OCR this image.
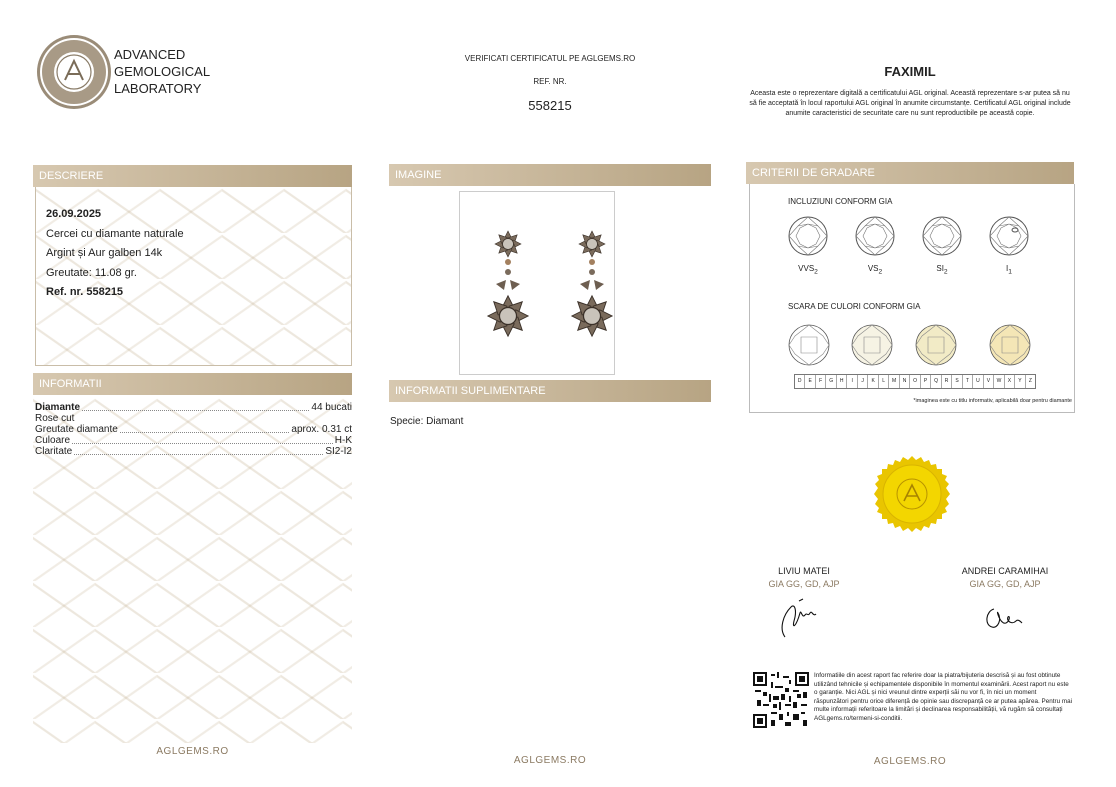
ADVANCED
GEMOLOGICAL
LABORATORY
VERIFICATI CERTIFICATUL PE AGLGEMS.RO
REF. NR.
558215
FAXIMIL
Aceasta este o reprezentare digitală a certificatului AGL original. Această reprezentare s-ar putea să nu să fie acceptată în locul raportului AGL original în anumite circumstanțe. Certificatul AGL original include anumite caracteristici de securitate care nu sunt reproductibile pe această copie.
DESCRIERE
26.09.2025
Cercei cu diamante naturale
Argint și Aur galben 14k
Greutate: 11.08 gr.
Ref. nr. 558215
INFORMATII
Diamante	44 bucati
Rose cut
Greutate diamante	aprox. 0.31 ct
Culoare	H-K
Claritate	SI2-I2
AGLGEMS.RO
IMAGINE
INFORMATII SUPLIMENTARE
Specie: Diamant
AGLGEMS.RO
CRITERII DE GRADARE
INCLUZIUNI CONFORM GIA
$VVS_2$	$VS_2$	$SI_2$	$I_1$
SCARA DE CULORI CONFORM GIA
D	E	F	G	H	I	J	K	L	M	N	O	P	Q	R	S	T	U	V	W	X	Y	Z
*imaginea este cu titlu informativ, aplicabilă doar pentru diamante
LIVIU MATEI
GIA GG, GD, AJP
ANDREI CARAMIHAI
GIA GG, GD, AJP
Informatiile din acest raport fac referire doar la piatra/bijuteria descrisă și au fost obtinute utilizând tehnicile și echipamentele disponibile în momentul examinării. Acest raport nu este o garanție. Nici AGL și nici vreunul dintre experții săi nu vor fi, în nici un moment răspunzători pentru orice diferență de opinie sau discrepanță ce ar putea apărea. Pentru mai multe informații referitoare la limitări și declinarea responsabilității, vă rugăm să consultați AGLgems.ro/termeni-si-conditii.
AGLGEMS.RO
